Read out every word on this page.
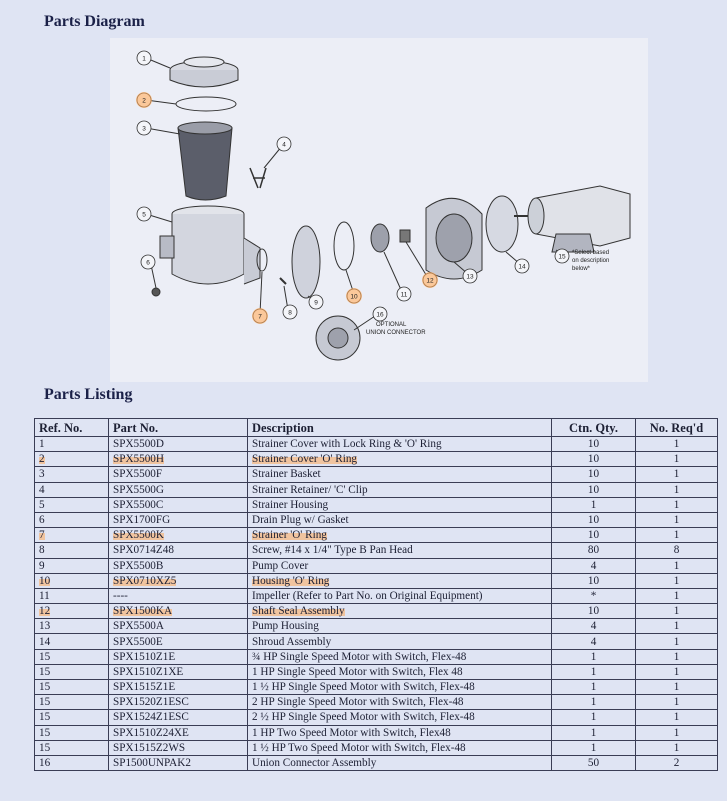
Parts Diagram
1
2
3
4
5
6
7
8
9
10	11
12
13
14
15
16
OPTIONAL
UNION CONNECTOR
*Select based
on description
below*
Parts Listing
Ref. No.	Part No.	Description	Ctn. Qty.	No. Req'd
1	SPX5500D	Strainer Cover with Lock Ring & 'O' Ring	10	1
2	SPX5500H	Strainer Cover 'O' Ring	10	1
3	SPX5500F	Strainer Basket	10	1
4	SPX5500G	Strainer Retainer/ 'C' Clip	10	1
5	SPX5500C	Strainer Housing	1	1
6	SPX1700FG	Drain Plug w/ Gasket	10	1
7	SPX5500K	Strainer 'O' Ring	10	1
8	SPX0714Z48	Screw, #14 x 1/4" Type B Pan Head	80	8
9	SPX5500B	Pump Cover	4	1
10	SPX0710XZ5	Housing 'O' Ring	10	1
11	----	Impeller (Refer to Part No. on Original Equipment)	*	1
12	SPX1500KA	Shaft Seal Assembly	10	1
13	SPX5500A	Pump Housing	4	1
14	SPX5500E	Shroud Assembly	4	1
15	SPX1510Z1E	¾ HP Single Speed Motor with Switch, Flex-48	1	1
15	SPX1510Z1XE	1 HP Single Speed Motor with Switch, Flex 48	1	1
15	SPX1515Z1E	1 ½ HP Single Speed Motor with Switch, Flex-48	1	1
15	SPX1520Z1ESC	2 HP Single Speed Motor with Switch, Flex-48	1	1
15	SPX1524Z1ESC	2 ½ HP Single Speed Motor with Switch, Flex-48	1	1
15	SPX1510Z24XE	1 HP Two Speed Motor with Switch, Flex48	1	1
15	SPX1515Z2WS	1 ½ HP Two Speed Motor with Switch, Flex-48	1	1
16	SP1500UNPAK2	Union Connector Assembly	50	2
